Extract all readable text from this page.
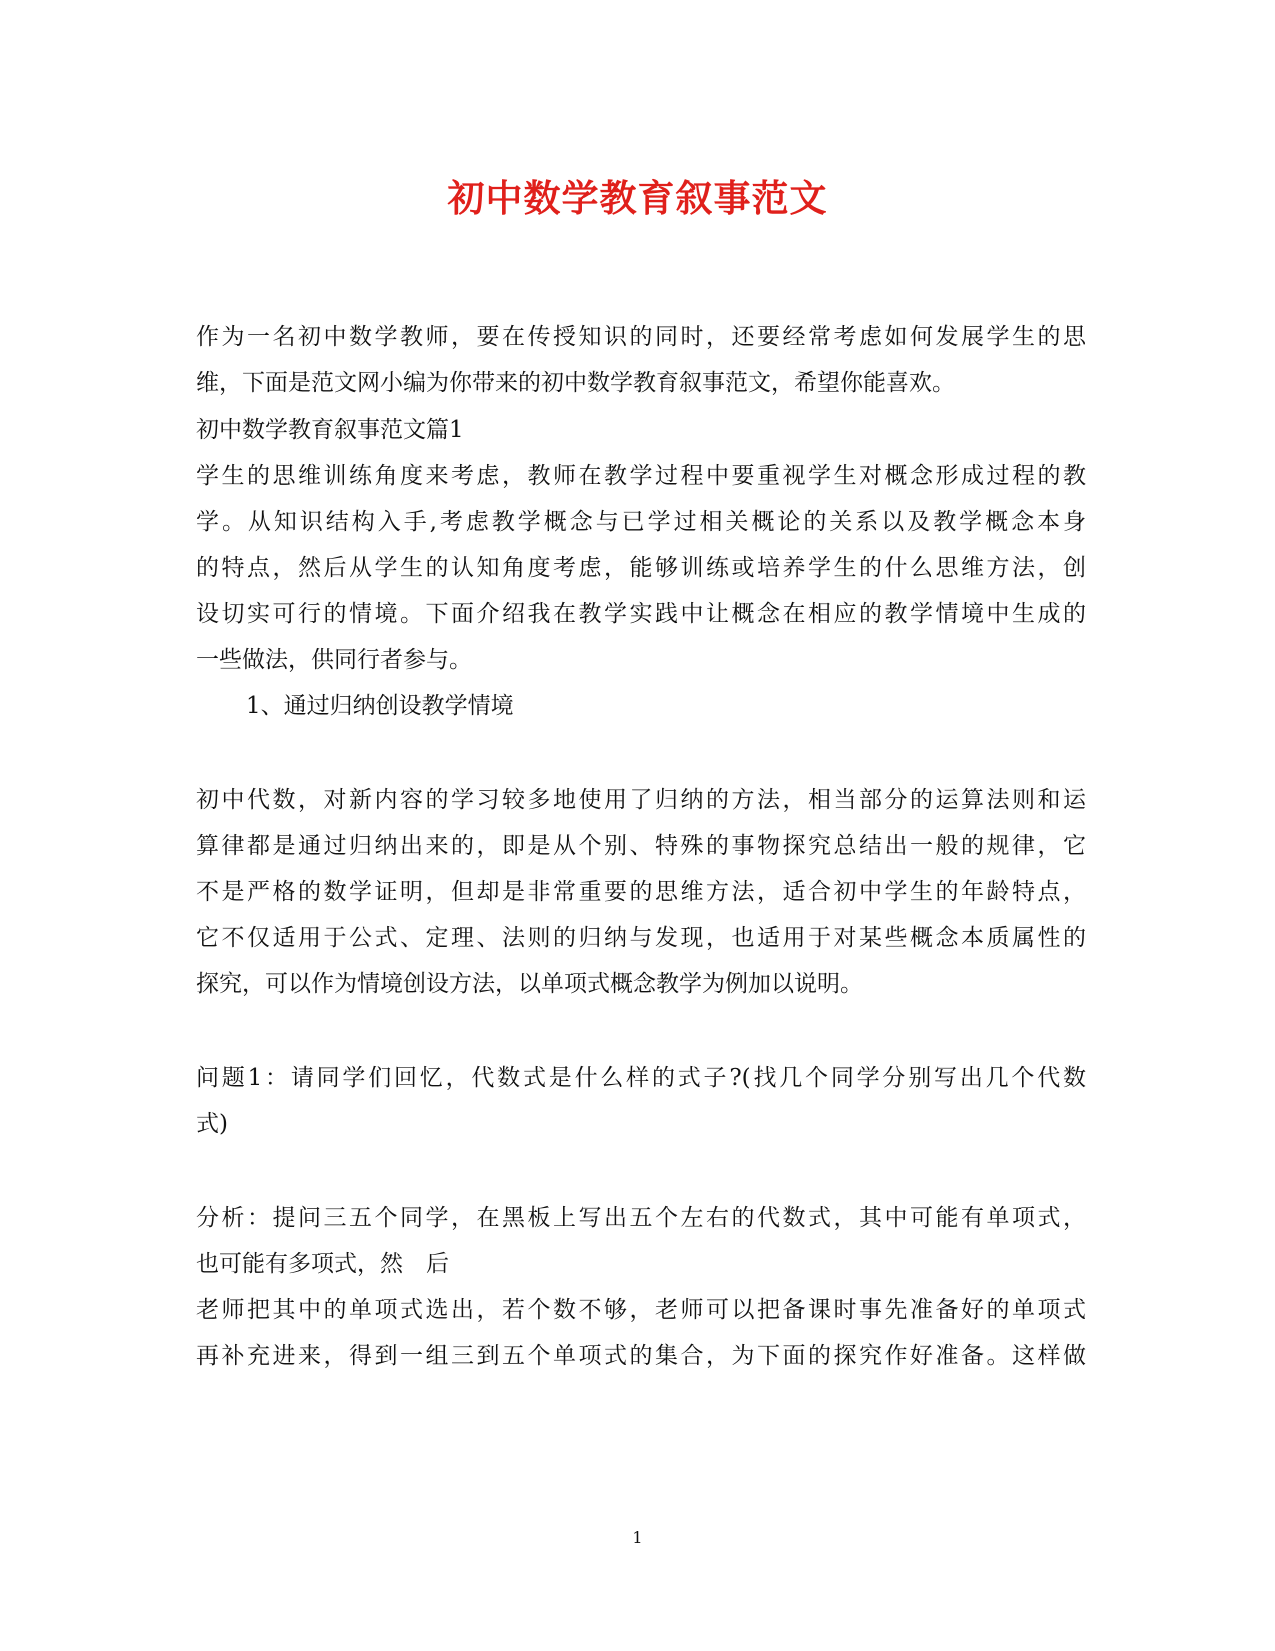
初中数学教育叙事范文
作为一名初中数学教师，要在传授知识的同时，还要经常考虑如何发展学生的思
维，下面是范文网小编为你带来的初中数学教育叙事范文，希望你能喜欢。
初中数学教育叙事范文篇1
学生的思维训练角度来考虑，教师在教学过程中要重视学生对概念形成过程的教
学。从知识结构入手,考虑教学概念与已学过相关概论的关系以及教学概念本身
的特点，然后从学生的认知角度考虑，能够训练或培养学生的什么思维方法，创
设切实可行的情境。下面介绍我在教学实践中让概念在相应的教学情境中生成的
一些做法，供同行者参与。
1、通过归纳创设教学情境
初中代数，对新内容的学习较多地使用了归纳的方法，相当部分的运算法则和运
算律都是通过归纳出来的，即是从个别、特殊的事物探究总结出一般的规律，它
不是严格的数学证明，但却是非常重要的思维方法，适合初中学生的年龄特点，
它不仅适用于公式、定理、法则的归纳与发现，也适用于对某些概念本质属性的
探究，可以作为情境创设方法，以单项式概念教学为例加以说明。
问题1：请同学们回忆，代数式是什么样的式子?(找几个同学分别写出几个代数
式)
分析：提问三五个同学，在黑板上写出五个左右的代数式，其中可能有单项式，
也可能有多项式，然　后
老师把其中的单项式选出，若个数不够，老师可以把备课时事先准备好的单项式
再补充进来，得到一组三到五个单项式的集合，为下面的探究作好准备。这样做
1
